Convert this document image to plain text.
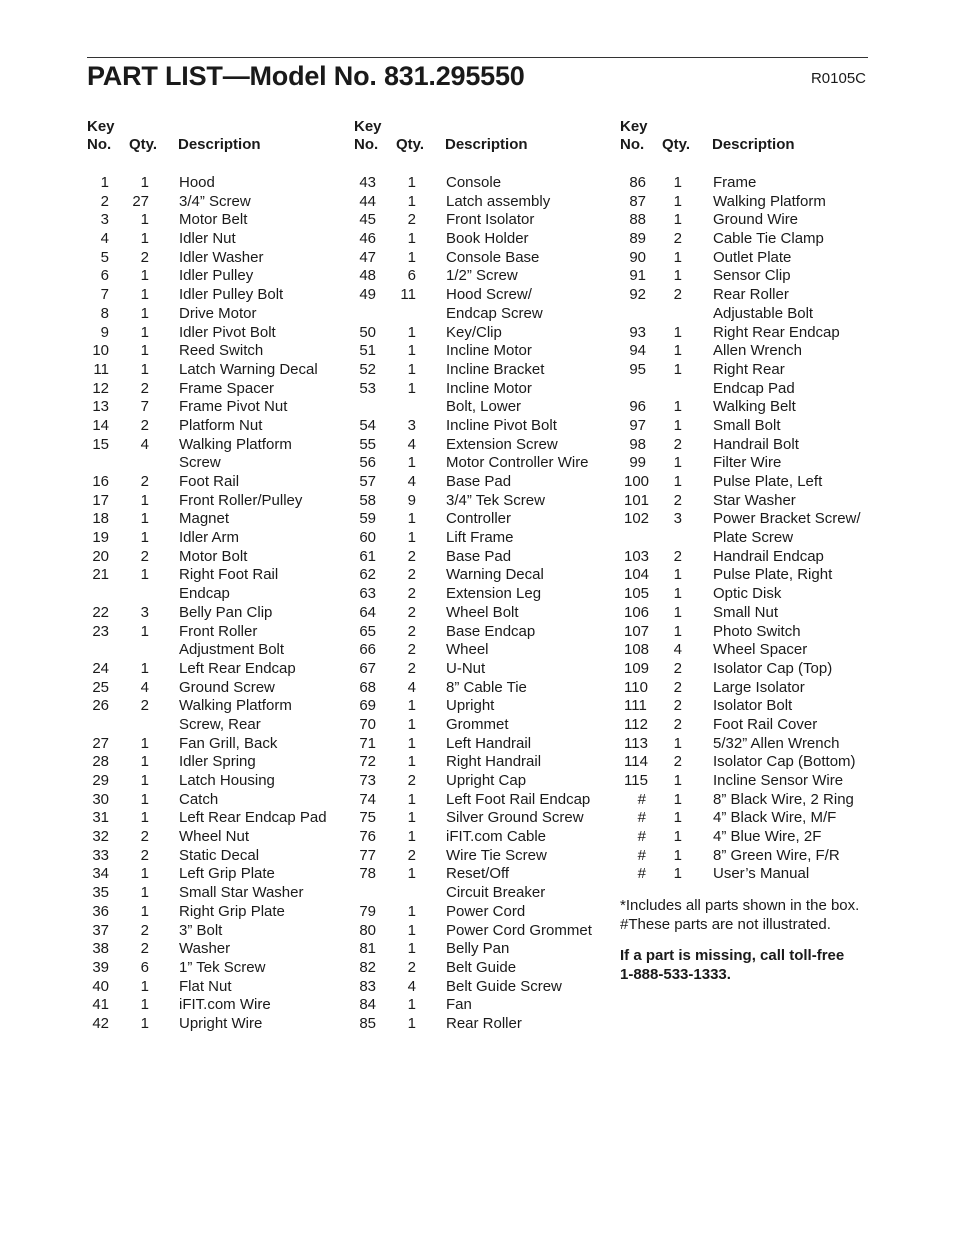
PART LIST—Model No. 831.295550	R0105C
Key
No. Qty. Description
1	1 Hood
2 27 3/4” Screw
3	1 Motor Belt
4	1 Idler Nut
5	2 Idler Washer
6	1 Idler Pulley
7	1 Idler Pulley Bolt
8	1 Drive Motor
9	1 Idler Pivot Bolt
10	1 Reed Switch
11	1 Latch Warning Decal
12	2 Frame Spacer
13	7 Frame Pivot Nut
14	2 Platform Nut
15	4 Walking Platform
Screw
16	2 Foot Rail
17	1 Front Roller/Pulley
18	1 Magnet
19	1 Idler Arm
20	2 Motor Bolt
21	1 Right Foot Rail
Endcap
22	3 Belly Pan Clip
23	1 Front Roller
Adjustment Bolt
24	1 Left Rear Endcap
25	4 Ground Screw
26	2 Walking Platform
Screw, Rear
27	1 Fan Grill, Back
28	1 Idler Spring
29	1 Latch Housing
30	1 Catch
31	1 Left Rear Endcap Pad
32	2 Wheel Nut
33	2 Static Decal
34	1 Left Grip Plate
35	1 Small Star Washer
36	1 Right Grip Plate
37	2 3” Bolt
38	2 Washer
39	6 1” Tek Screw
40	1 Flat Nut
41	1 iFIT.com Wire
42	1 Upright Wire
Key
No. Qty. Description
43	1 Console
44	1 Latch assembly
45	2 Front Isolator
46	1 Book Holder
47	1 Console Base
48	6 1/2” Screw
49 11 Hood Screw/
Endcap Screw
50	1 Key/Clip
51	1 Incline Motor
52	1 Incline Bracket
53	1 Incline Motor
Bolt, Lower
54	3 Incline Pivot Bolt
55	4 Extension Screw
56	1 Motor Controller Wire
57	4 Base Pad
58	9 3/4” Tek Screw
59	1 Controller
60	1 Lift Frame
61	2 Base Pad
62	2 Warning Decal
63	2 Extension Leg
64	2 Wheel Bolt
65	2 Base Endcap
66	2 Wheel
67	2 U-Nut
68	4 8” Cable Tie
69	1 Upright
70	1 Grommet
71	1 Left Handrail
72	1 Right Handrail
73	2 Upright Cap
74	1 Left Foot Rail Endcap
75	1 Silver Ground Screw
76	1 iFIT.com Cable
77	2 Wire Tie Screw
78	1 Reset/Off
Circuit Breaker
79	1 Power Cord
80	1 Power Cord Grommet
81	1 Belly Pan
82	2 Belt Guide
83	4 Belt Guide Screw
84	1 Fan
85	1 Rear Roller
Key
No. Qty. Description
86	1 Frame
87	1 Walking Platform
88	1 Ground Wire
89	2 Cable Tie Clamp
90	1 Outlet Plate
91	1 Sensor Clip
92	2 Rear Roller
Adjustable Bolt
93	1 Right Rear Endcap
94	1 Allen Wrench
95	1 Right Rear
Endcap Pad
96	1 Walking Belt
97	1 Small Bolt
98	2 Handrail Bolt
99	1 Filter Wire
100	1 Pulse Plate, Left
101	2 Star Washer
102	3 Power Bracket Screw/
Plate Screw
103	2 Handrail Endcap
104	1 Pulse Plate, Right
105	1 Optic Disk
106	1 Small Nut
107	1 Photo Switch
108	4 Wheel Spacer
109	2 Isolator Cap (Top)
110	2 Large Isolator
111	2 Isolator Bolt
112	2 Foot Rail Cover
113	1 5/32” Allen Wrench
114	2 Isolator Cap (Bottom)
115	1 Incline Sensor Wire
#	1 8” Black Wire, 2 Ring
#	1 4” Black Wire, M/F
#	1 4” Blue Wire, 2F
#	1 8” Green Wire, F/R
#	1 User’s Manual

*Includes all parts shown in the box.

#These parts are not illustrated.

If a part is missing, call toll-free

1-888-533-1333.
